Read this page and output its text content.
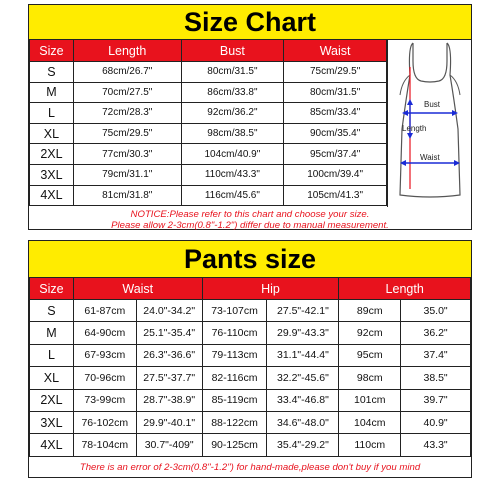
Size Chart
Size	Length	Bust	Waist
S	68cm/26.7"	80cm/31.5"	75cm/29.5"
M	70cm/27.5"	86cm/33.8"	80cm/31.5"
L	72cm/28.3"	92cm/36.2"	85cm/33.4"
XL	75cm/29.5"	98cm/38.5"	90cm/35.4"
2XL	77cm/30.3"	104cm/40.9"	95cm/37.4"
3XL	79cm/31.1"	110cm/43.3"	100cm/39.4"
4XL	81cm/31.8"	116cm/45.6"	105cm/41.3"
Bust
Length
Waist
NOTICE:Please refer to this chart and choose your size.
Please allow 2-3cm(0.8"-1.2") differ due to manual measurement.
Pants size
Size	Waist		Hip		Length	
S	61-87cm	24.0"-34.2"	73-107cm	27.5"-42.1"	89cm	35.0"
M	64-90cm	25.1"-35.4"	76-110cm	29.9"-43.3"	92cm	36.2"
L	67-93cm	26.3"-36.6"	79-113cm	31.1"-44.4"	95cm	37.4"
XL	70-96cm	27.5"-37.7"	82-116cm	32.2"-45.6"	98cm	38.5"
2XL	73-99cm	28.7"-38.9"	85-119cm	33.4"-46.8"	101cm	39.7"
3XL	76-102cm	29.9"-40.1"	88-122cm	34.6"-48.0"	104cm	40.9"
4XL	78-104cm	30.7"-409"	90-125cm	35.4"-29.2"	110cm	43.3"
There is an error of 2-3cm(0.8"-1.2") for hand-made,please don't buy if you mind
